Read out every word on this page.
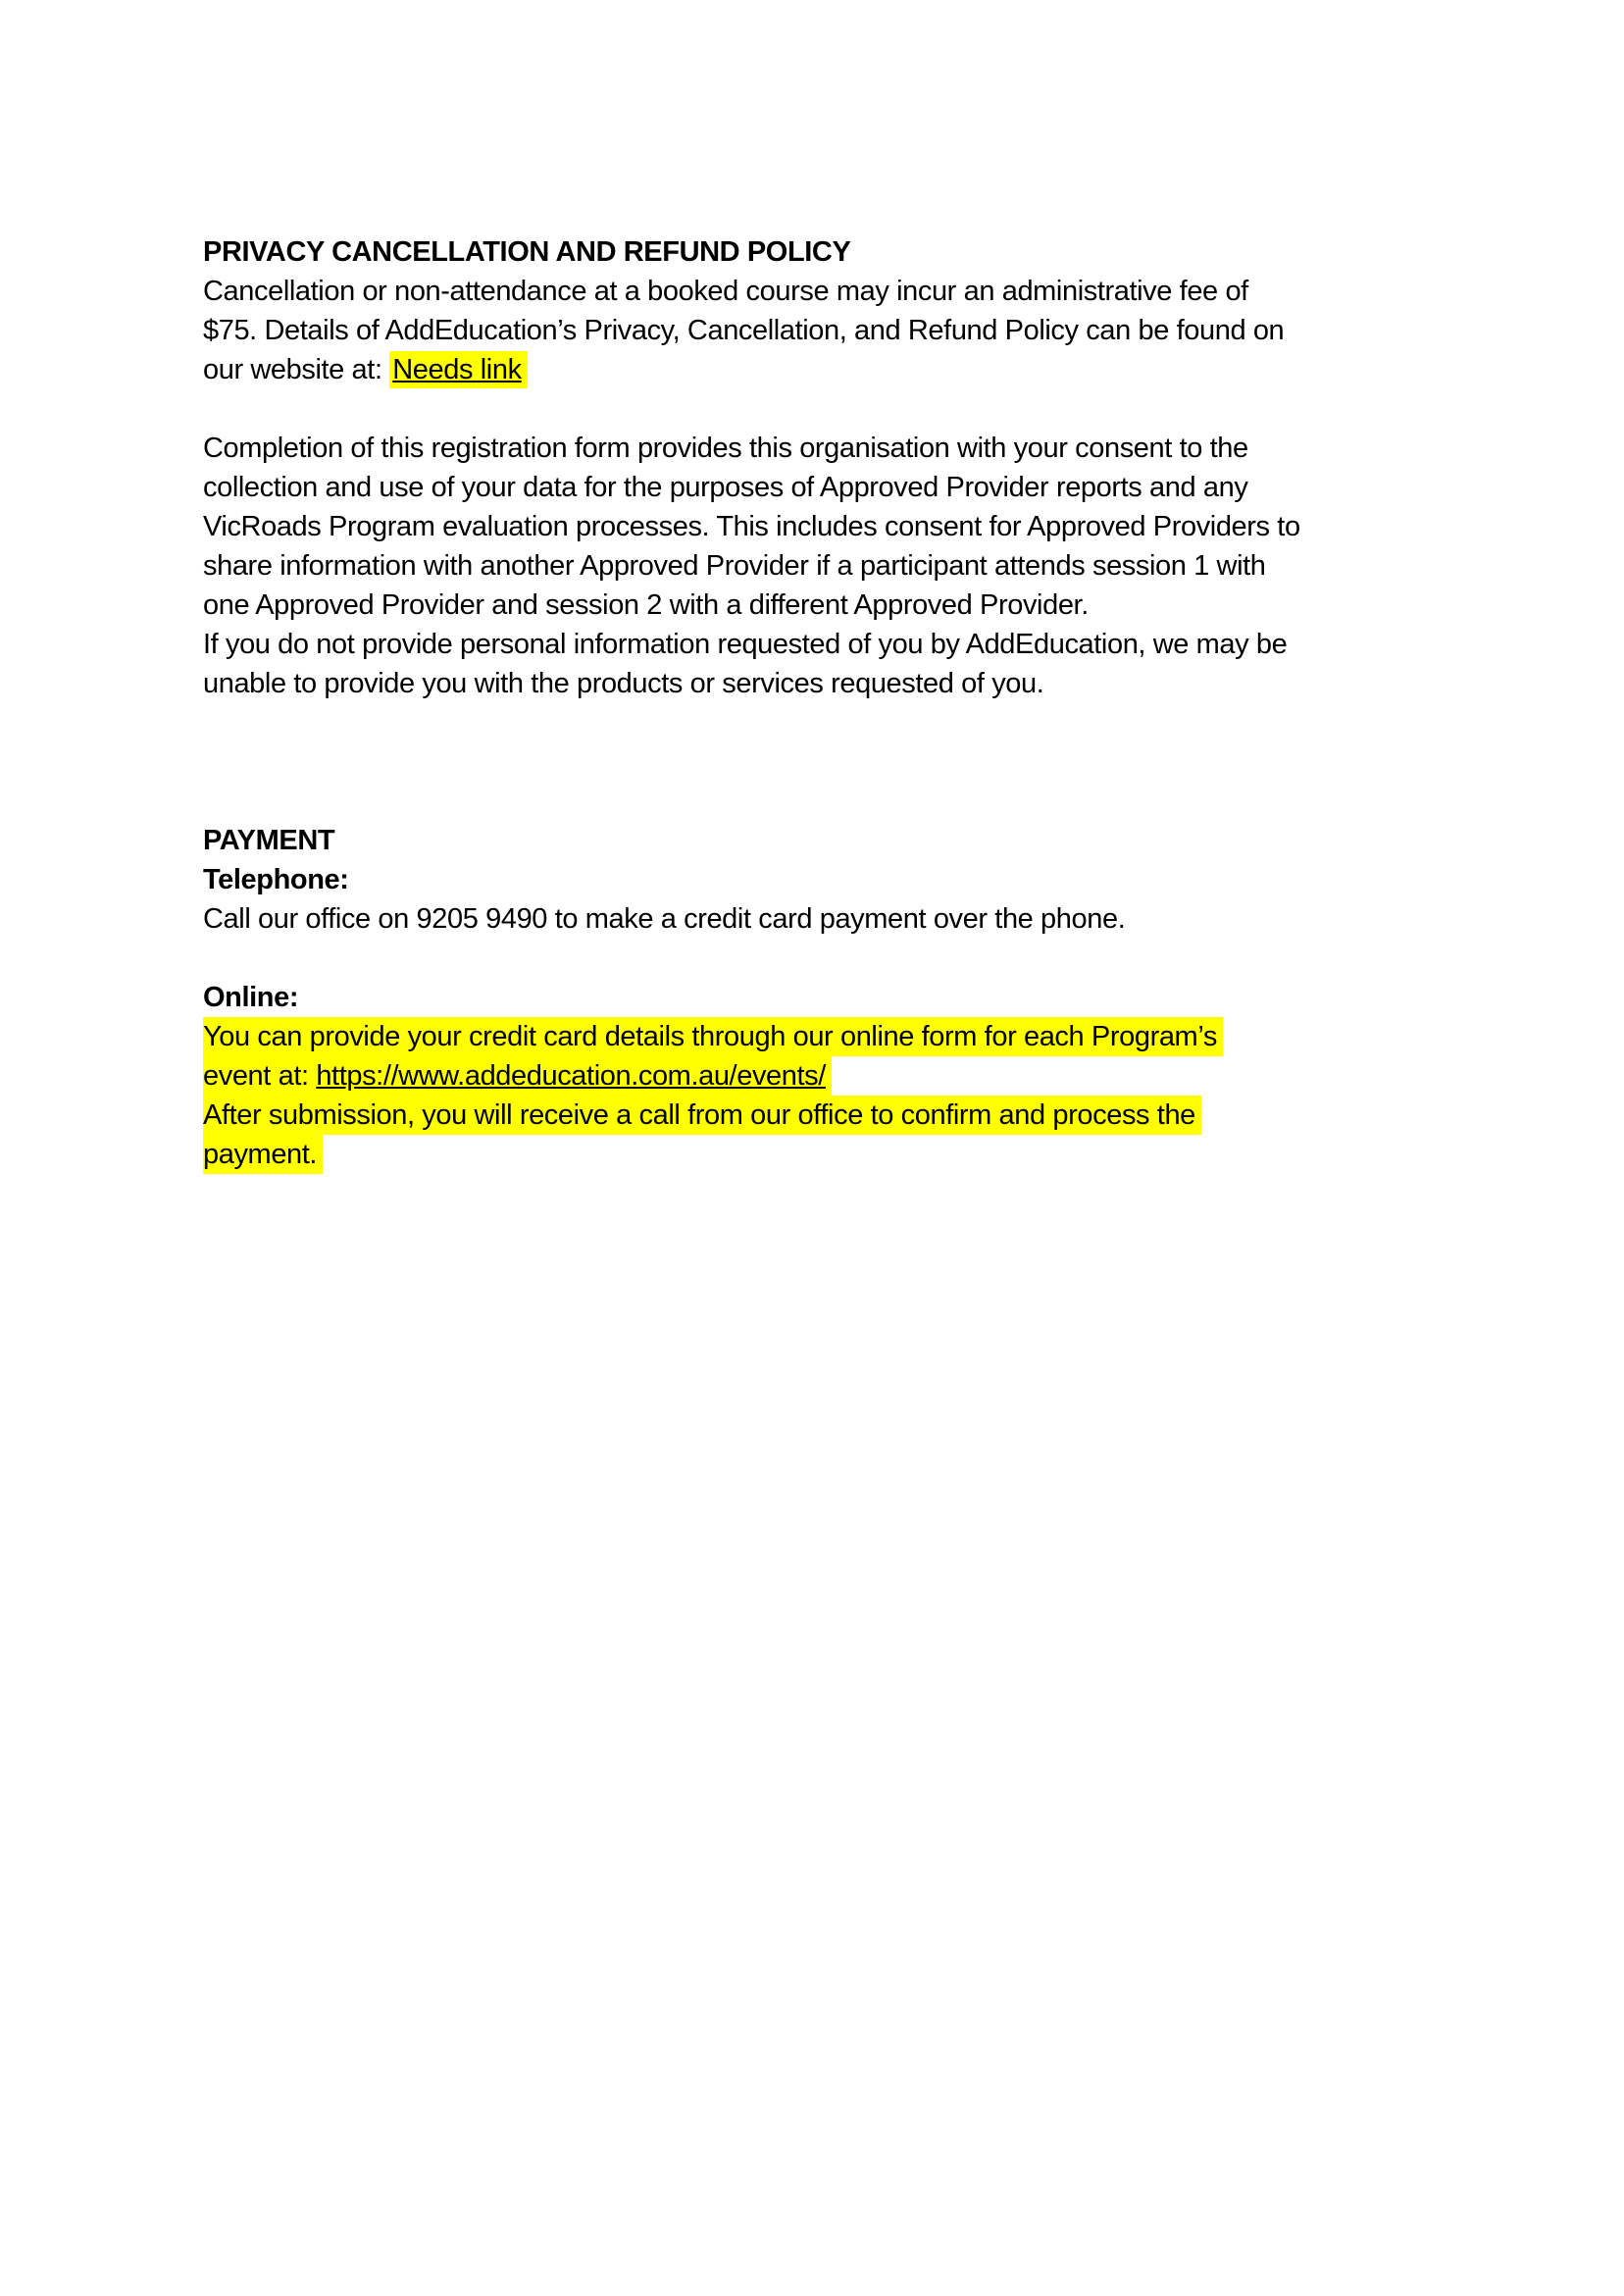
PRIVACY CANCELLATION AND REFUND POLICY
Cancellation or non-attendance at a booked course may incur an administrative fee of
$75. Details of AddEducation’s Privacy, Cancellation, and Refund Policy can be found on
our website at: Needs link
Completion of this registration form provides this organisation with your consent to the
collection and use of your data for the purposes of Approved Provider reports and any
VicRoads Program evaluation processes. This includes consent for Approved Providers to
share information with another Approved Provider if a participant attends session 1 with
one Approved Provider and session 2 with a different Approved Provider.
If you do not provide personal information requested of you by AddEducation, we may be
unable to provide you with the products or services requested of you.
PAYMENT
Telephone:
Call our office on 9205 9490 to make a credit card payment over the phone.
Online:
You can provide your credit card details through our online form for each Program’s
event at: https://www.addeducation.com.au/events/
After submission, you will receive a call from our office to confirm and process the
payment.
